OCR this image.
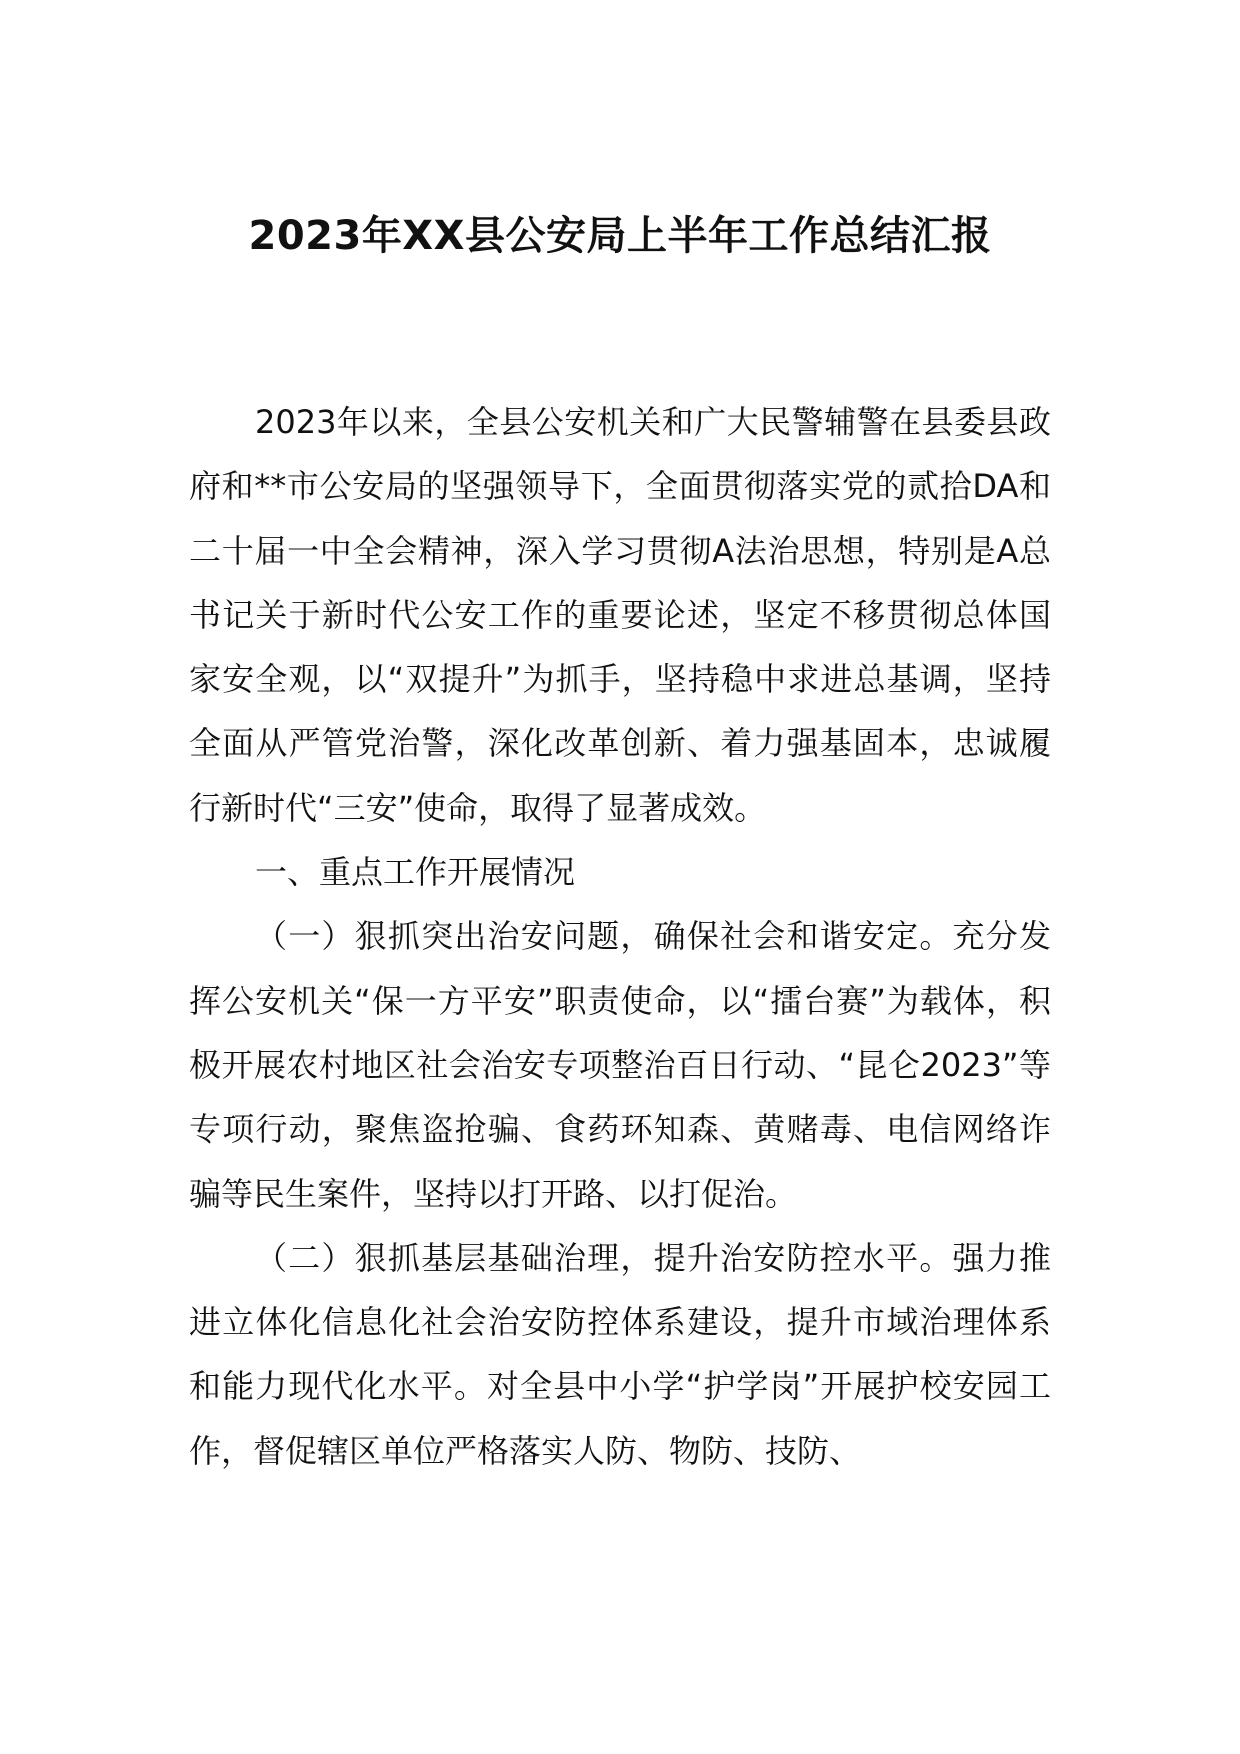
2023年XX县公安局上半年工作总结汇报

2023年以来，全县公安机关和广大民警辅警在县委县政府和**市公安局的坚强领导下，全面贯彻落实党的贰拾DA和二十届一中全会精神，深入学习贯彻A法治思想，特别是A总书记关于新时代公安工作的重要论述，坚定不移贯彻总体国家安全观，以“双提升”为抓手，坚持稳中求进总基调，坚持全面从严管党治警，深化改革创新、着力强基固本，忠诚履行新时代“三安”使命，取得了显著成效。

一、重点工作开展情况

（一）狠抓突出治安问题，确保社会和谐安定。充分发挥公安机关“保一方平安”职责使命，以“擂台赛”为载体，积极开展农村地区社会治安专项整治百日行动、“昆仑2023”等专项行动，聚焦盗抢骗、食药环知森、黄赌毒、电信网络诈骗等民生案件，坚持以打开路、以打促治。

（二）狠抓基层基础治理，提升治安防控水平。强力推进立体化信息化社会治安防控体系建设，提升市域治理体系和能力现代化水平。对全县中小学“护学岗”开展护校安园工作，督促辖区单位严格落实人防、物防、技防、
